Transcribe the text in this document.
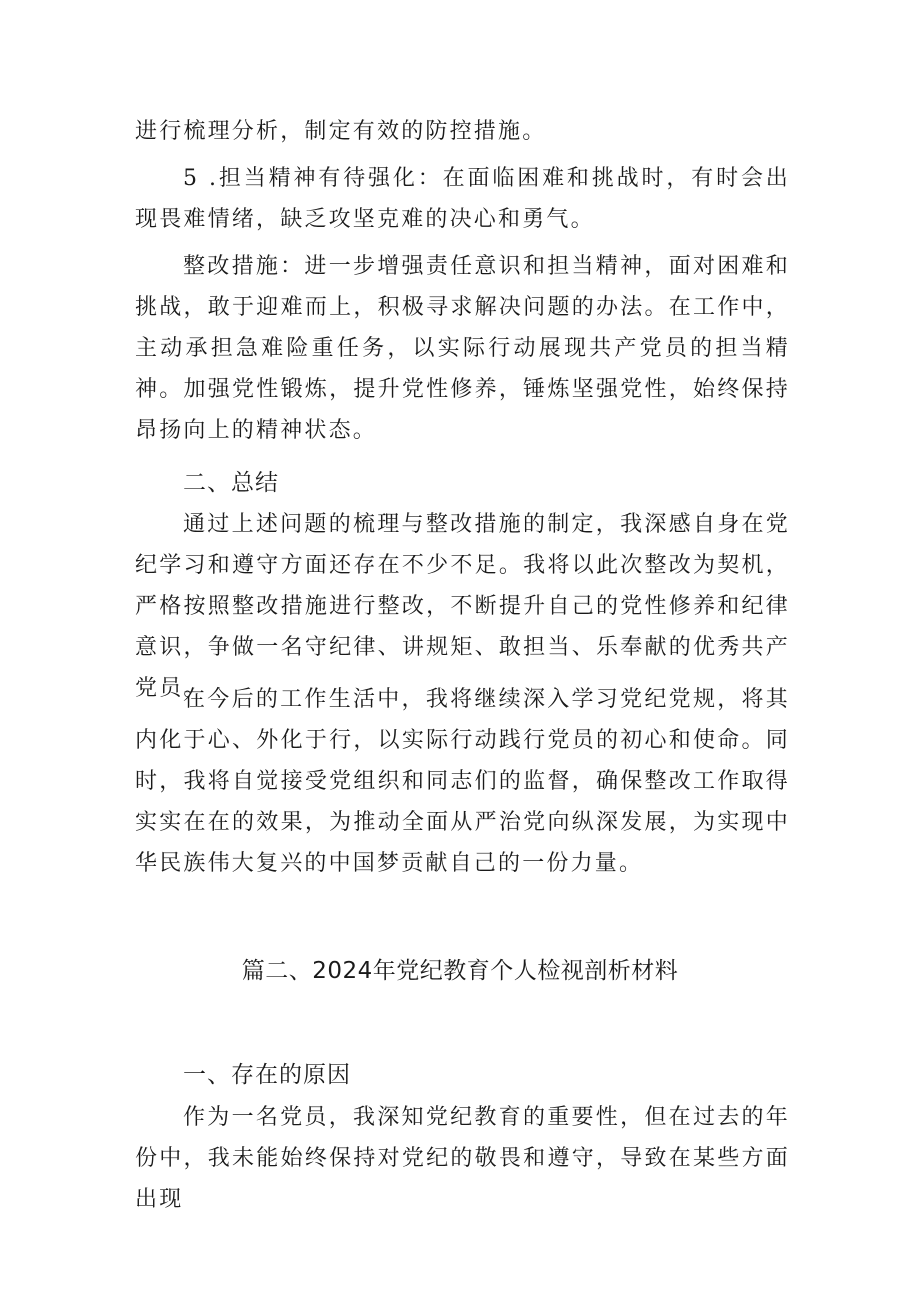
进行梳理分析，制定有效的防控措施。

5 .担当精神有待强化：在面临困难和挑战时，有时会出现畏难情绪，缺乏攻坚克难的决心和勇气。

整改措施：进一步增强责任意识和担当精神，面对困难和挑战，敢于迎难而上，积极寻求解决问题的办法。在工作中，主动承担急难险重任务，以实际行动展现共产党员的担当精神。加强党性锻炼，提升党性修养，锤炼坚强党性，始终保持昂扬向上的精神状态。

二、总结

通过上述问题的梳理与整改措施的制定，我深感自身在党纪学习和遵守方面还存在不少不足。我将以此次整改为契机，严格按照整改措施进行整改，不断提升自己的党性修养和纪律意识，争做一名守纪律、讲规矩、敢担当、乐奉献的优秀共产党员。

在今后的工作生活中，我将继续深入学习党纪党规，将其内化于心、外化于行，以实际行动践行党员的初心和使命。同时，我将自觉接受党组织和同志们的监督，确保整改工作取得实实在在的效果，为推动全面从严治党向纵深发展，为实现中华民族伟大复兴的中国梦贡献自己的一份力量。

篇二、2024年党纪教育个人检视剖析材料

一、存在的原因

作为一名党员，我深知党纪教育的重要性，但在过去的年份中，我未能始终保持对党纪的敬畏和遵守，导致在某些方面出现
